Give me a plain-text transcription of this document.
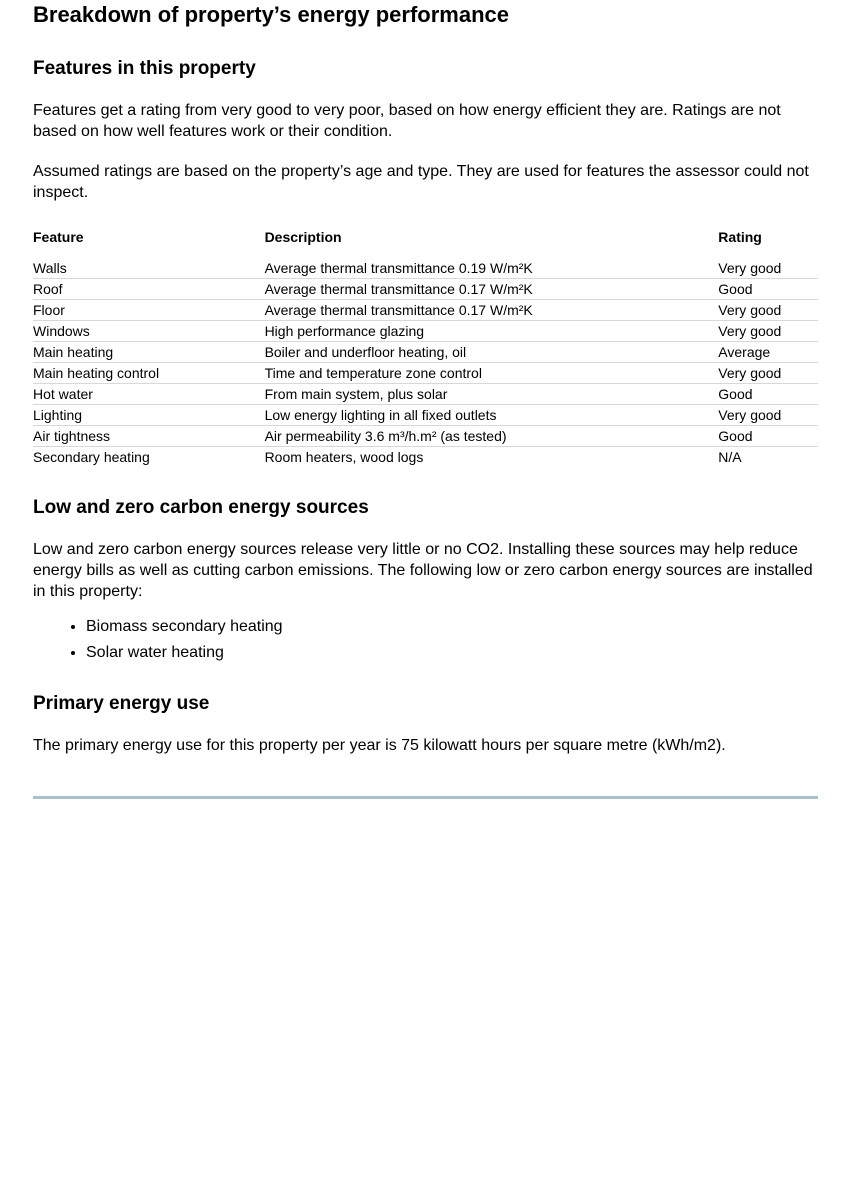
Breakdown of property’s energy performance
Features in this property

Features get a rating from very good to very poor, based on how energy efficient they are. Ratings are not based on how well features work or their condition.

Assumed ratings are based on the property’s age and type. They are used for features the assessor could not inspect.

Feature	Description	Rating
Walls	Average thermal transmittance 0.19 W/m²K	Very good
Roof	Average thermal transmittance 0.17 W/m²K	Good
Floor	Average thermal transmittance 0.17 W/m²K	Very good
Windows	High performance glazing	Very good
Main heating	Boiler and underfloor heating, oil	Average
Main heating control	Time and temperature zone control	Very good
Hot water	From main system, plus solar	Good
Lighting	Low energy lighting in all fixed outlets	Very good
Air tightness	Air permeability 3.6 m³/h.m² (as tested)	Good
Secondary heating	Room heaters, wood logs	N/A
Low and zero carbon energy sources

Low and zero carbon energy sources release very little or no CO2. Installing these sources may help reduce energy bills as well as cutting carbon emissions. The following low or zero carbon energy sources are installed in this property:

• Biomass secondary heating
• Solar water heating
Primary energy use

The primary energy use for this property per year is 75 kilowatt hours per square metre (kWh/m2).
